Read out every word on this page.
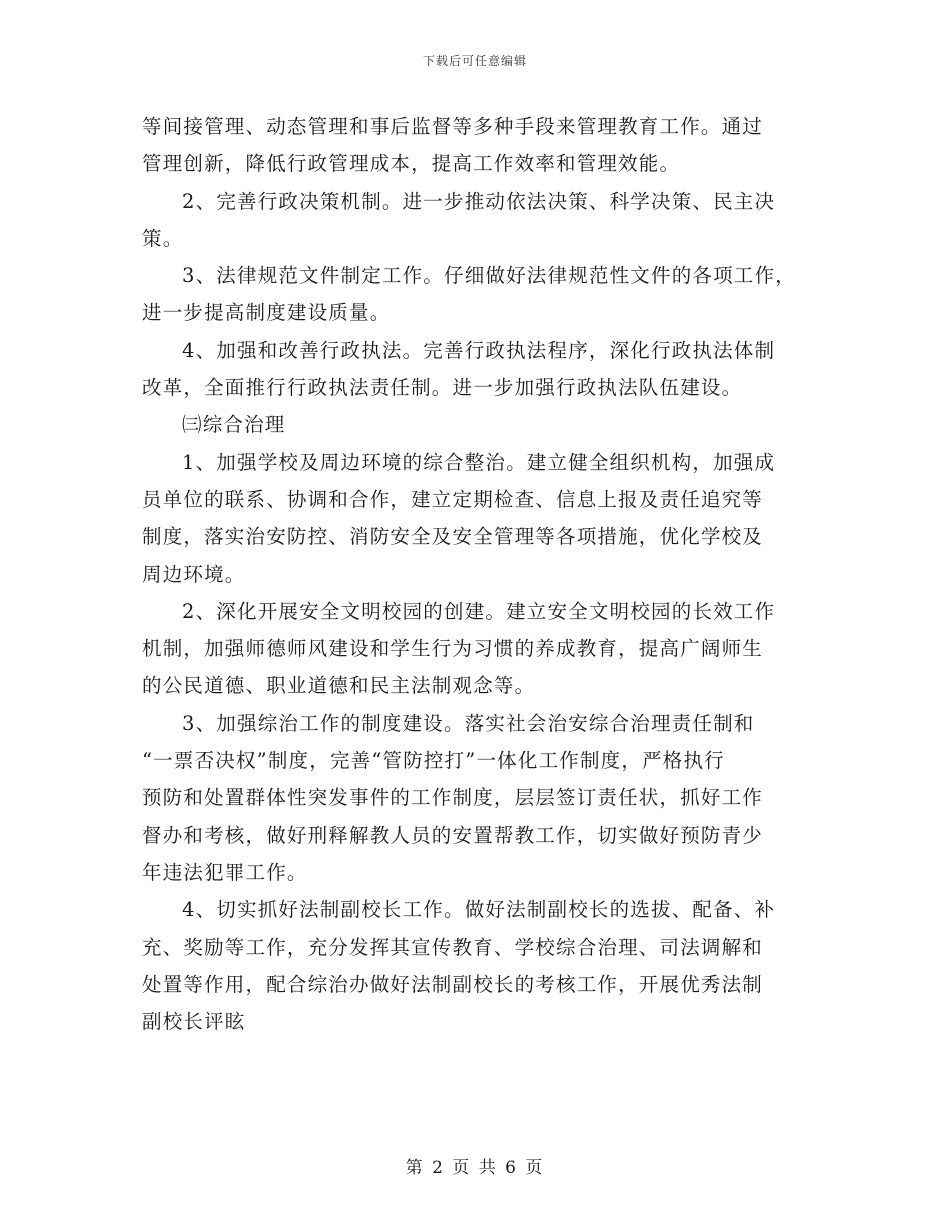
下载后可任意编辑
等间接管理、动态管理和事后监督等多种手段来管理教育工作。通过
管理创新，降低行政管理成本，提高工作效率和管理效能。
2、完善行政决策机制。进一步推动依法决策、科学决策、民主决
策。
3、法律规范文件制定工作。仔细做好法律规范性文件的各项工作，
进一步提高制度建设质量。
4、加强和改善行政执法。完善行政执法程序，深化行政执法体制
改革，全面推行行政执法责任制。进一步加强行政执法队伍建设。
㈢综合治理
1、加强学校及周边环境的综合整治。建立健全组织机构，加强成
员单位的联系、协调和合作，建立定期检查、信息上报及责任追究等
制度，落实治安防控、消防安全及安全管理等各项措施，优化学校及
周边环境。
2、深化开展安全文明校园的创建。建立安全文明校园的长效工作
机制，加强师德师风建设和学生行为习惯的养成教育，提高广阔师生
的公民道德、职业道德和民主法制观念等。
3、加强综治工作的制度建设。落实社会治安综合治理责任制和
“一票否决权”制度，完善“管防控打”一体化工作制度，严格执行
预防和处置群体性突发事件的工作制度，层层签订责任状，抓好工作
督办和考核，做好刑释解教人员的安置帮教工作，切实做好预防青少
年违法犯罪工作。
4、切实抓好法制副校长工作。做好法制副校长的选拔、配备、补
充、奖励等工作，充分发挥其宣传教育、学校综合治理、司法调解和
处置等作用，配合综治办做好法制副校长的考核工作，开展优秀法制
副校长评眩
第 2 页 共 6 页
